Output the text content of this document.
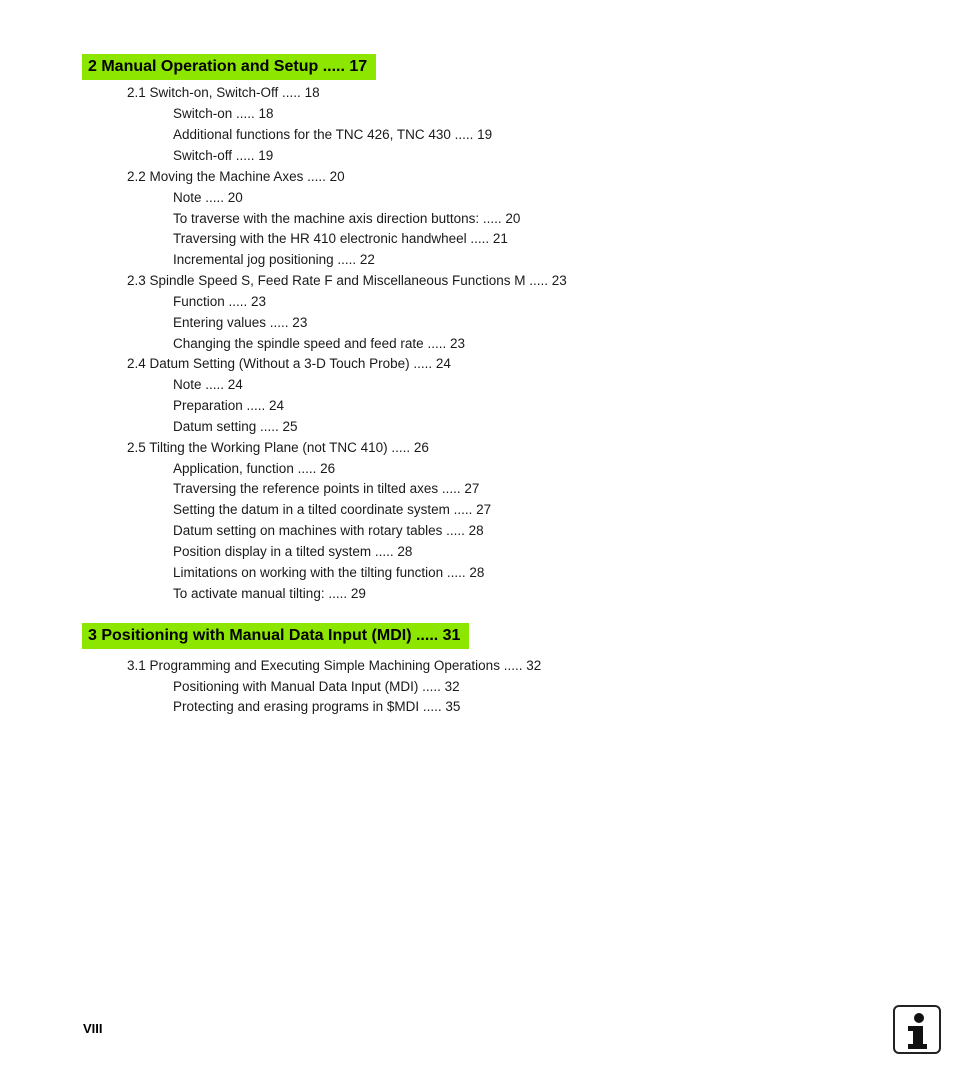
2 Manual Operation and Setup ..... 17
2.1 Switch-on, Switch-Off ..... 18
Switch-on ..... 18
Additional functions for the TNC 426, TNC 430 ..... 19
Switch-off ..... 19
2.2 Moving the Machine Axes ..... 20
Note ..... 20
To traverse with the machine axis direction buttons: ..... 20
Traversing with the HR 410 electronic handwheel ..... 21
Incremental jog positioning ..... 22
2.3 Spindle Speed S, Feed Rate F and Miscellaneous Functions M ..... 23
Function ..... 23
Entering values ..... 23
Changing the spindle speed and feed rate ..... 23
2.4 Datum Setting (Without a 3-D Touch Probe) ..... 24
Note ..... 24
Preparation ..... 24
Datum setting ..... 25
2.5 Tilting the Working Plane (not TNC 410) ..... 26
Application, function ..... 26
Traversing the reference points in tilted axes ..... 27
Setting the datum in a tilted coordinate system ..... 27
Datum setting on machines with rotary tables ..... 28
Position display in a tilted system ..... 28
Limitations on working with the tilting function ..... 28
To activate manual tilting: ..... 29
3 Positioning with Manual Data Input (MDI) ..... 31
3.1 Programming and Executing Simple Machining Operations ..... 32
Positioning with Manual Data Input (MDI) ..... 32
Protecting and erasing programs in $MDI ..... 35
VIII
